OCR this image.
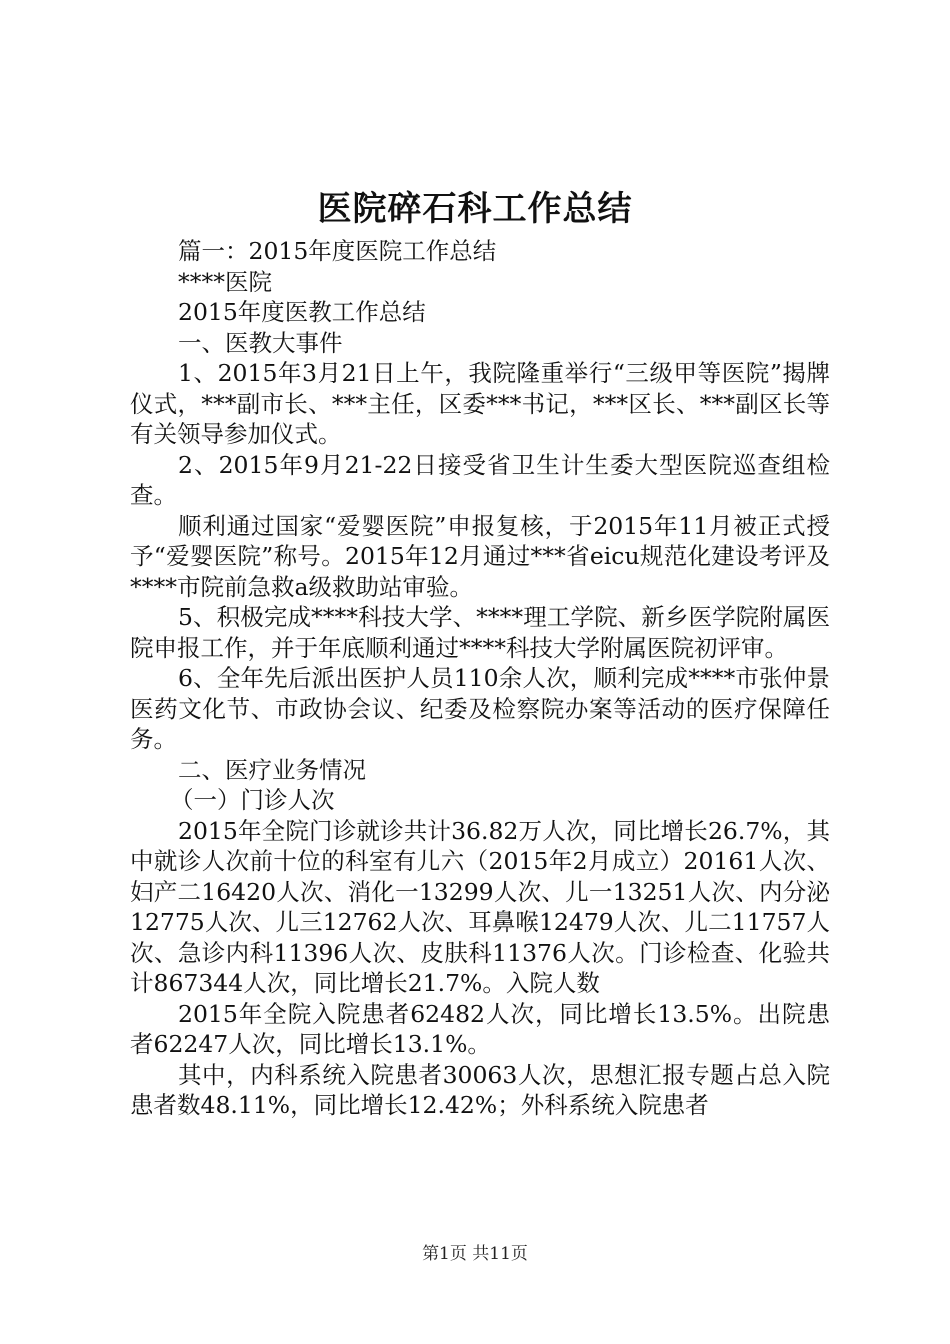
医院碎石科工作总结

篇一：2015年度医院工作总结

****医院

2015年度医教工作总结

一、医教大事件

1、2015年3月21日上午，我院隆重举行“三级甲等医院”揭牌仪式，***副市长、***主任，区委***书记，***区长、***副区长等有关领导参加仪式。

2、2015年9月21-22日接受省卫生计生委大型医院巡查组检查。

顺利通过国家“爱婴医院”申报复核，于2015年11月被正式授予“爱婴医院”称号。2015年12月通过***省eicu规范化建设考评及****市院前急救a级救助站审验。

5、积极完成****科技大学、****理工学院、新乡医学院附属医院申报工作，并于年底顺利通过****科技大学附属医院初评审。

6、全年先后派出医护人员110余人次，顺利完成****市张仲景医药文化节、市政协会议、纪委及检察院办案等活动的医疗保障任务。

二、医疗业务情况

（一）门诊人次

2015年全院门诊就诊共计36.82万人次，同比增长26.7%，其中就诊人次前十位的科室有儿六（2015年2月成立）20161人次、妇产二16420人次、消化一13299人次、儿一13251人次、内分泌12775人次、儿三12762人次、耳鼻喉12479人次、儿二11757人次、急诊内科11396人次、皮肤科11376人次。门诊检查、化验共计867344人次，同比增长21.7%。入院人数

2015年全院入院患者62482人次，同比增长13.5%。出院患者62247人次，同比增长13.1%。

其中，内科系统入院患者30063人次，思想汇报专题占总入院患者数48.11%，同比增长12.42%；外科系统入院患者

第1页 共11页
